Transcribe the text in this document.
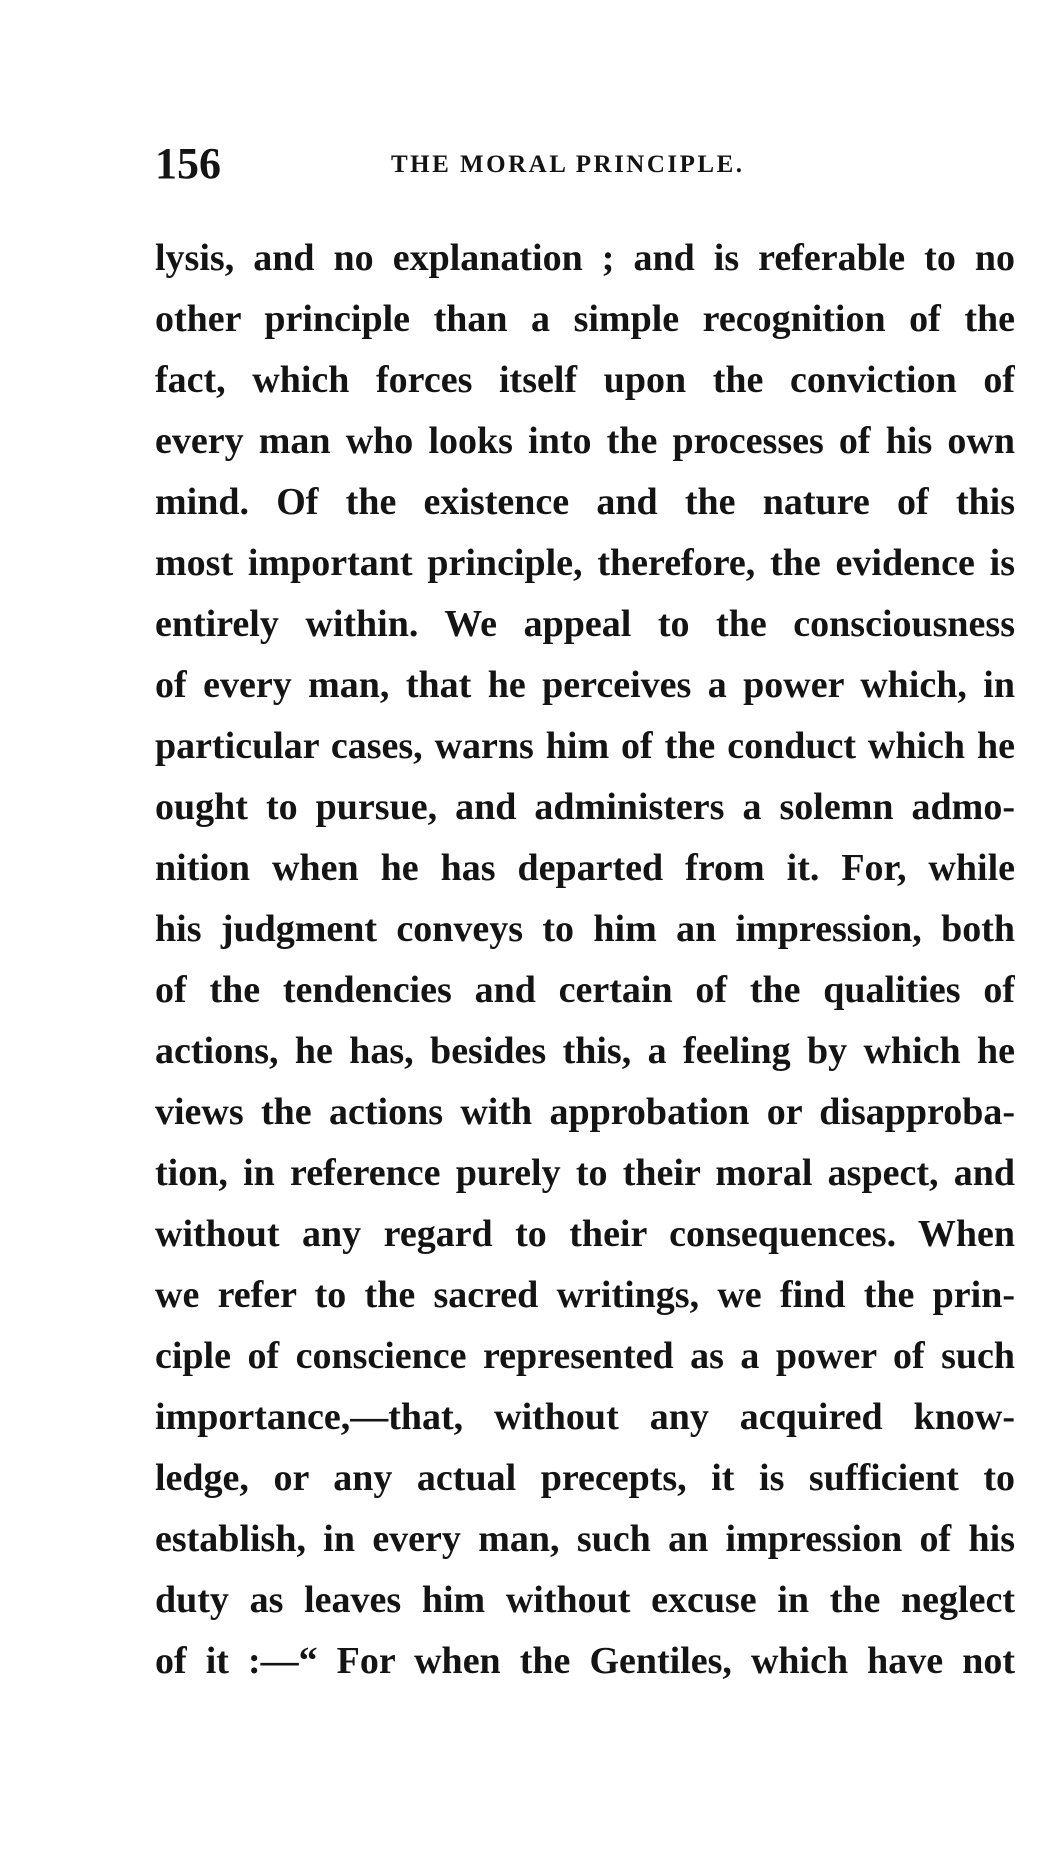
156	THE MORAL PRINCIPLE.
lysis, and no explanation ; and is referable to no
other principle than a simple recognition of the
fact, which forces itself upon the conviction of
every man who looks into the processes of his own
mind. Of the existence and the nature of this
most important principle, therefore, the evidence is
entirely within. We appeal to the consciousness
of every man, that he perceives a power which, in
particular cases, warns him of the conduct which he
ought to pursue, and administers a solemn admo-
nition when he has departed from it. For, while
his judgment conveys to him an impression, both
of the tendencies and certain of the qualities of
actions, he has, besides this, a feeling by which he
views the actions with approbation or disapproba-
tion, in reference purely to their moral aspect, and
without any regard to their consequences. When
we refer to the sacred writings, we find the prin-
ciple of conscience represented as a power of such
importance,—that, without any acquired know-
ledge, or any actual precepts, it is sufficient to
establish, in every man, such an impression of his
duty as leaves him without excuse in the neglect
of it :—“ For when the Gentiles, which have not
